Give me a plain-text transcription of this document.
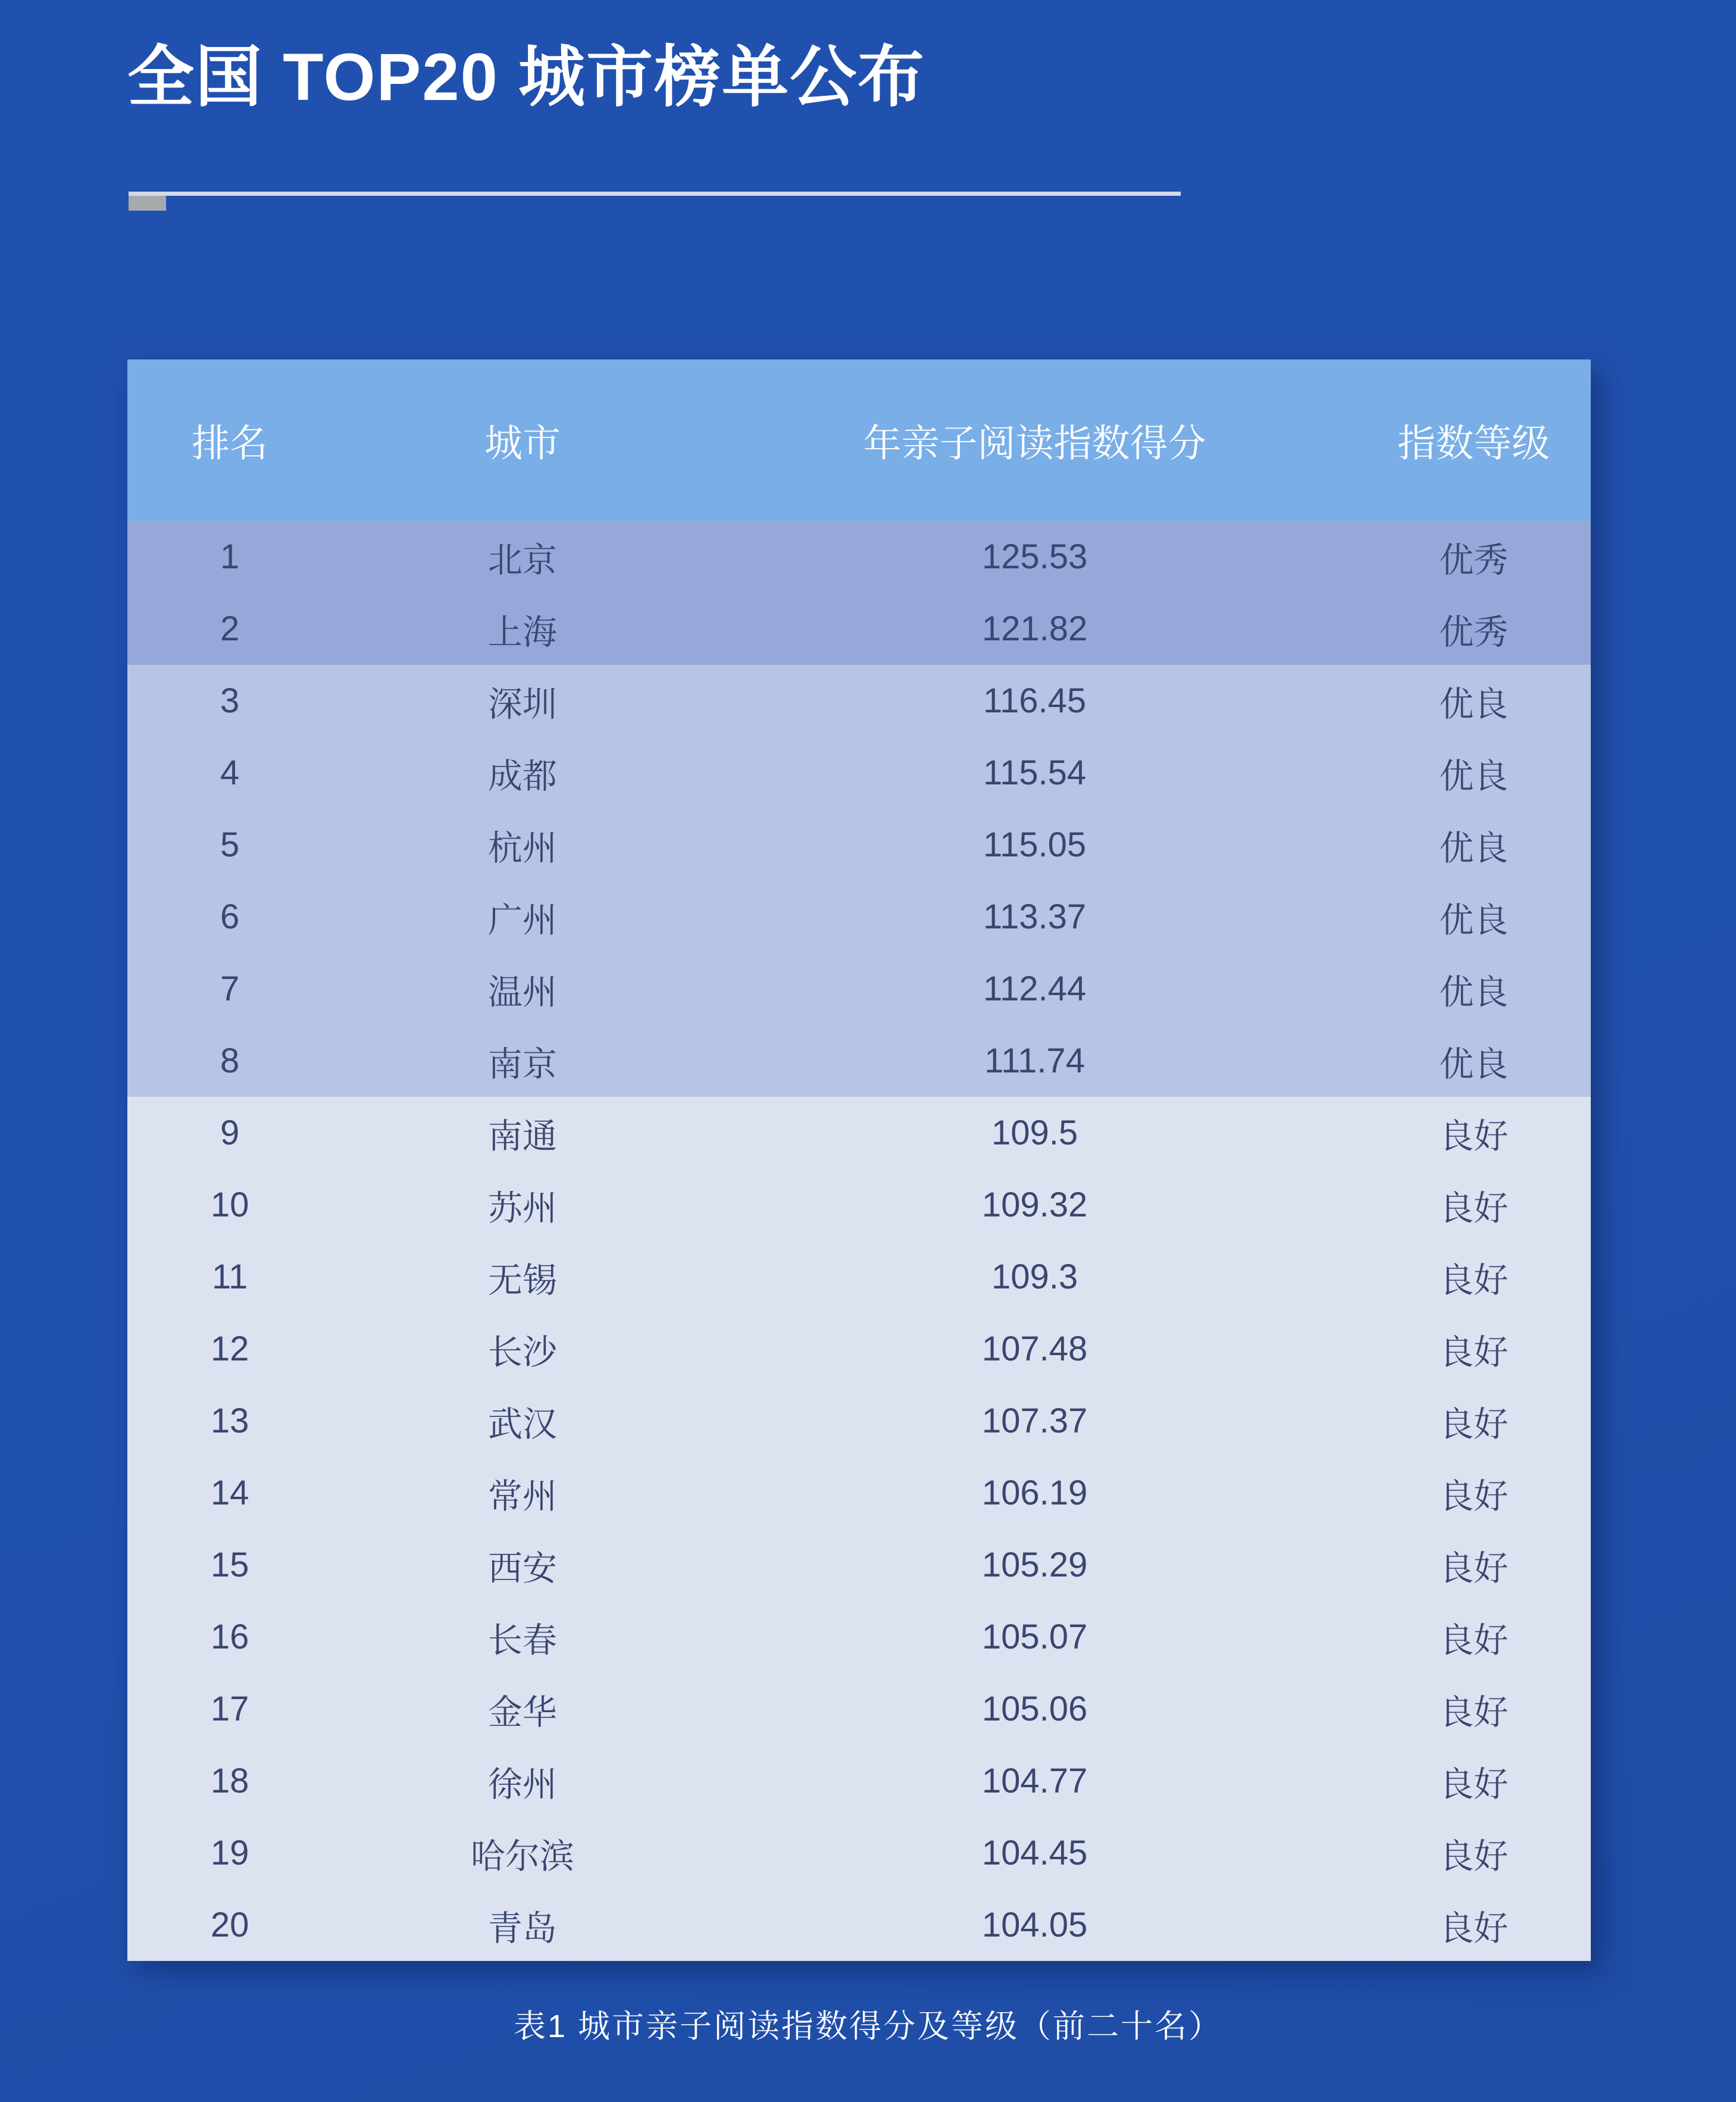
全国 TOP20 城市榜单公布
排名	城市	年亲子阅读指数得分	指数等级
1	北京	125.53	优秀
2	上海	121.82	优秀
3	深圳	116.45	优良
4	成都	115.54	优良
5	杭州	115.05	优良
6	广州	113.37	优良
7	温州	112.44	优良
8	南京	111.74	优良
9	南通	109.5	良好
10	苏州	109.32	良好
11	无锡	109.3	良好
12	长沙	107.48	良好
13	武汉	107.37	良好
14	常州	106.19	良好
15	西安	105.29	良好
16	长春	105.07	良好
17	金华	105.06	良好
18	徐州	104.77	良好
19	哈尔滨	104.45	良好
20	青岛	104.05	良好
表1 城市亲子阅读指数得分及等级（前二十名）
